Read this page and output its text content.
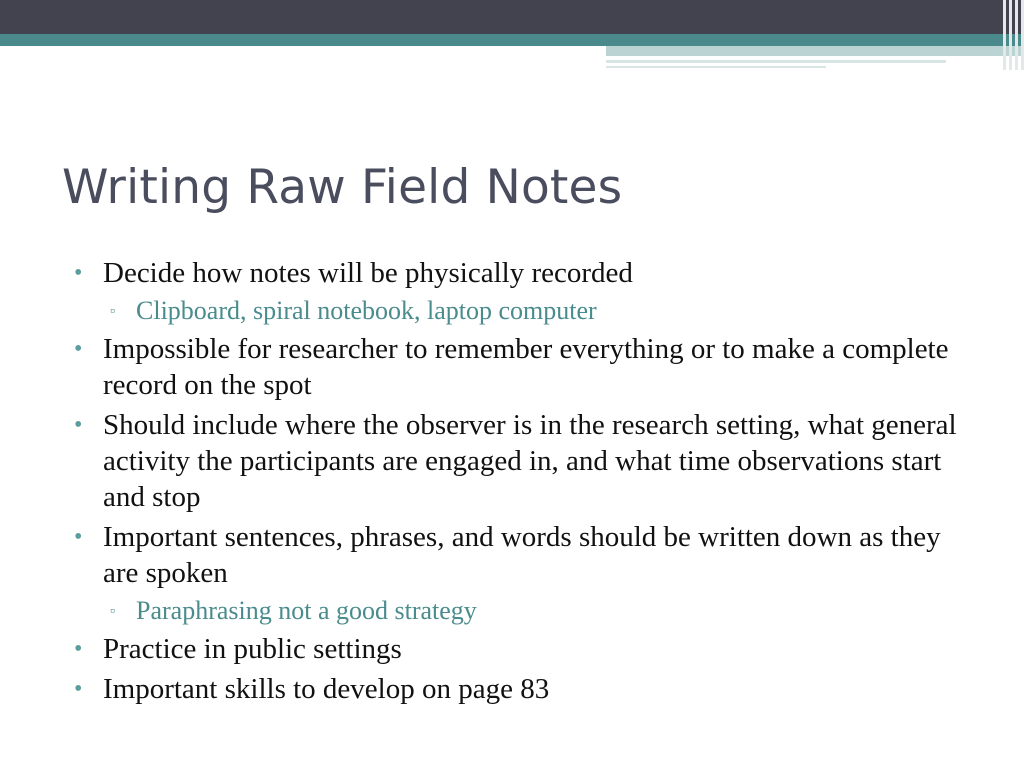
Writing Raw Field Notes
• Decide how notes will be physically recorded
▫ Clipboard, spiral notebook, laptop computer
• Impossible for researcher to remember everything or to make a complete record on the spot
• Should include where the observer is in the research setting, what general activity the participants are engaged in, and what time observations start and stop
• Important sentences, phrases, and words should be written down as they are spoken
▫ Paraphrasing not a good strategy
• Practice in public settings
• Important skills to develop on page 83
